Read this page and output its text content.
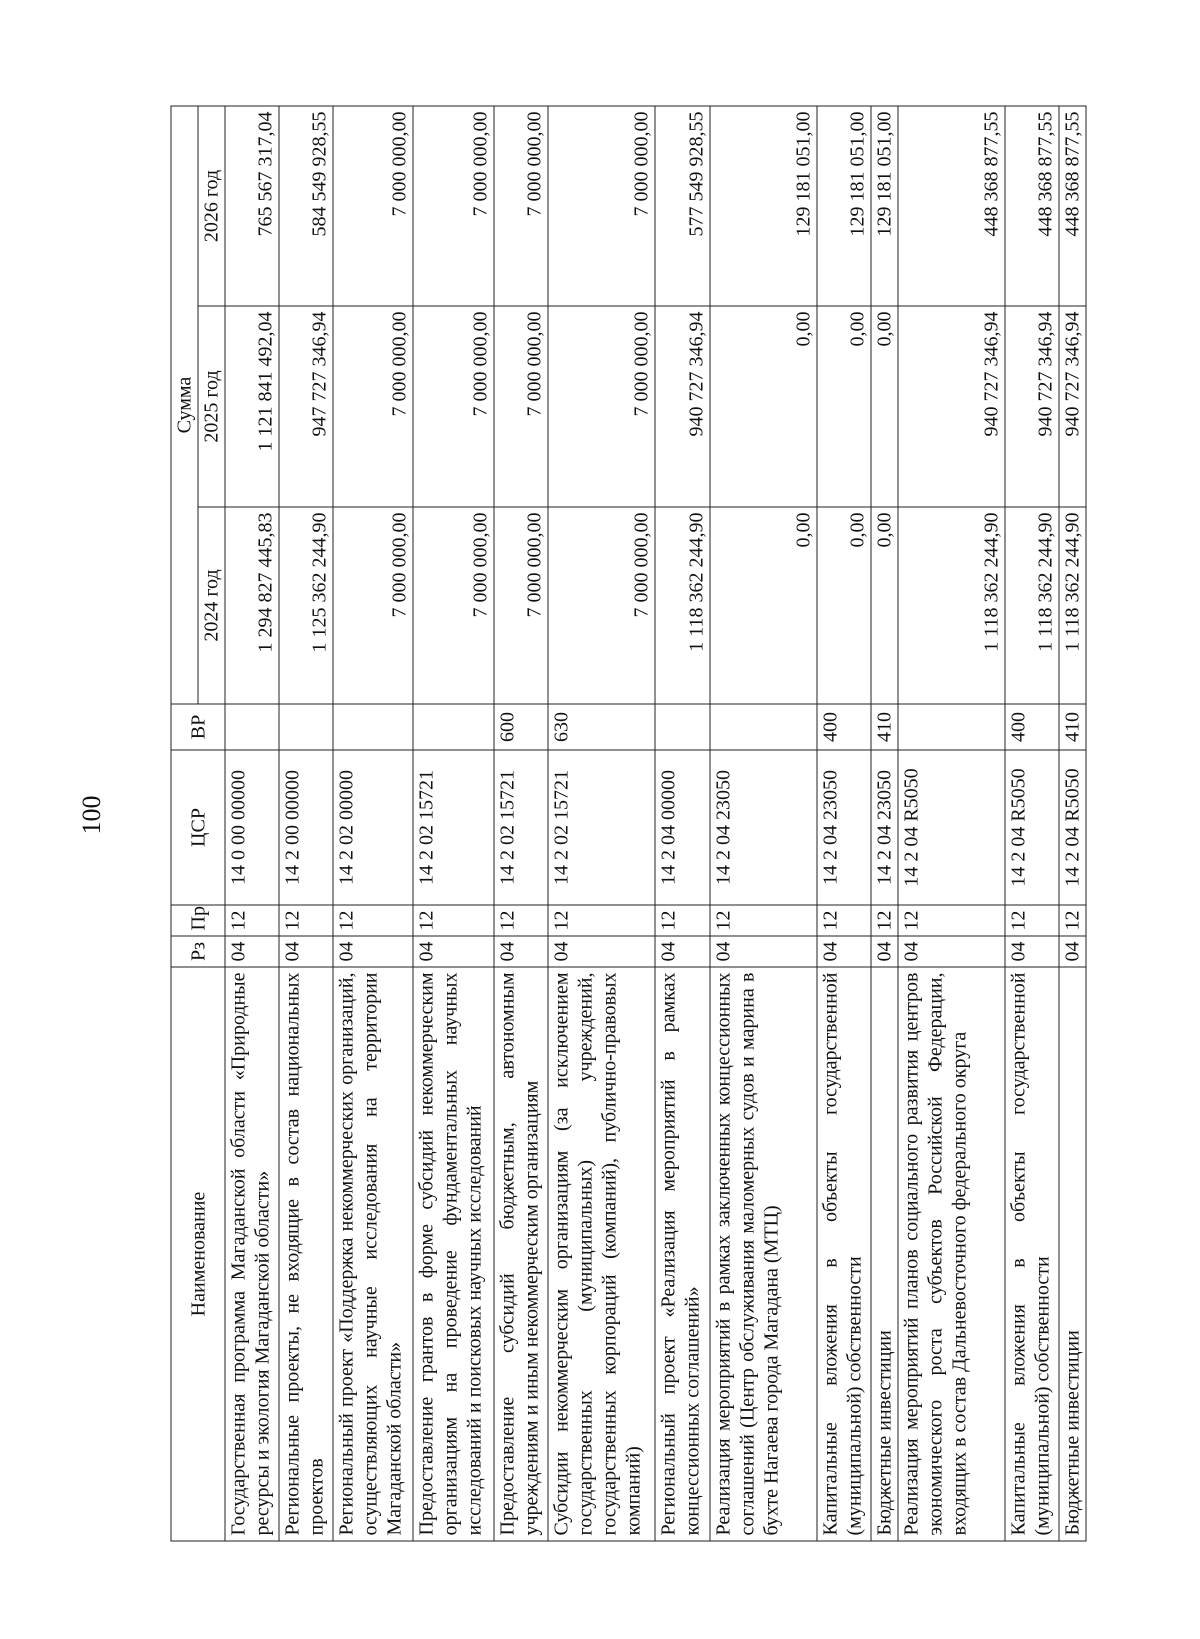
100
Наименование	Рз	Пр	ЦСР	ВР	Сумма		
					2024 год	2025 год	2026 год
Государственная программа Магаданской области «Природные ресурсы и экология Магаданской области»	04	12	14 0 00 00000		1 294 827 445,83	1 121 841 492,04	765 567 317,04
Региональные проекты, не входящие в состав национальных проектов	04	12	14 2 00 00000		1 125 362 244,90	947 727 346,94	584 549 928,55
Региональный проект «Поддержка некоммерческих организаций, осуществляющих научные исследования на территории Магаданской области»	04	12	14 2 02 00000		7 000 000,00	7 000 000,00	7 000 000,00
Предоставление грантов в форме субсидий некоммерческим организациям на проведение фундаментальных научных исследований и поисковых научных исследований	04	12	14 2 02 15721		7 000 000,00	7 000 000,00	7 000 000,00
Предоставление субсидий бюджетным, автономным учреждениям и иным некоммерческим организациям	04	12	14 2 02 15721	600	7 000 000,00	7 000 000,00	7 000 000,00
Субсидии некоммерческим организациям (за исключением государственных (муниципальных) учреждений, государственных корпораций (компаний), публично-правовых компаний)	04	12	14 2 02 15721	630	7 000 000,00	7 000 000,00	7 000 000,00
Региональный проект «Реализация мероприятий в рамках концессионных соглашений»	04	12	14 2 04 00000		1 118 362 244,90	940 727 346,94	577 549 928,55
Реализация мероприятий в рамках заключенных концессионных соглашений (Центр обслуживания маломерных судов и марина в бухте Нагаева города Магадана (МТЦ)	04	12	14 2 04 23050		0,00	0,00	129 181 051,00
Капитальные вложения в объекты государственной (муниципальной) собственности	04	12	14 2 04 23050	400	0,00	0,00	129 181 051,00
Бюджетные инвестиции	04	12	14 2 04 23050	410	0,00	0,00	129 181 051,00
Реализация мероприятий планов социального развития центров экономического роста субъектов Российской Федерации, входящих в состав Дальневосточного федерального округа	04	12	14 2 04 R5050		1 118 362 244,90	940 727 346,94	448 368 877,55
Капитальные вложения в объекты государственной (муниципальной) собственности	04	12	14 2 04 R5050	400	1 118 362 244,90	940 727 346,94	448 368 877,55
Бюджетные инвестиции	04	12	14 2 04 R5050	410	1 118 362 244,90	940 727 346,94	448 368 877,55
